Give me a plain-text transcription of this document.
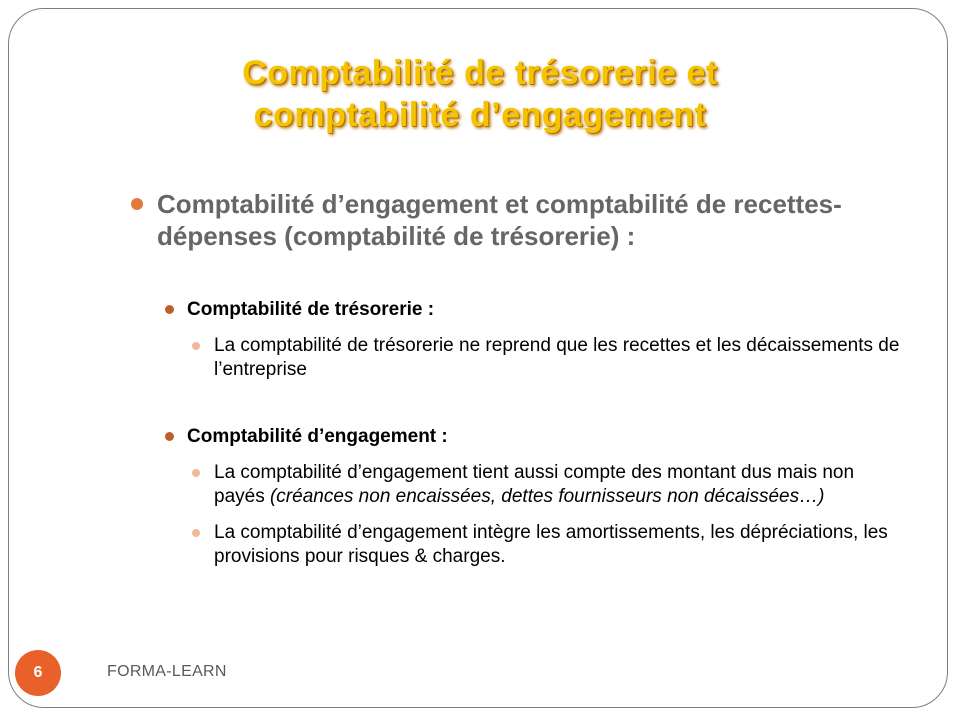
Comptabilité de trésorerie et
comptabilité d’engagement
Comptabilité d’engagement et comptabilité de recettes-dépenses (comptabilité de trésorerie) :
Comptabilité de trésorerie :
La comptabilité de trésorerie ne reprend que les recettes et les décaissements de l’entreprise
Comptabilité d’engagement :
La comptabilité d’engagement tient aussi compte des montant dus mais non payés (créances non encaissées, dettes fournisseurs non décaissées…)
La comptabilité d’engagement intègre les amortissements, les dépréciations, les provisions pour risques & charges.
6	FORMA-LEARN
